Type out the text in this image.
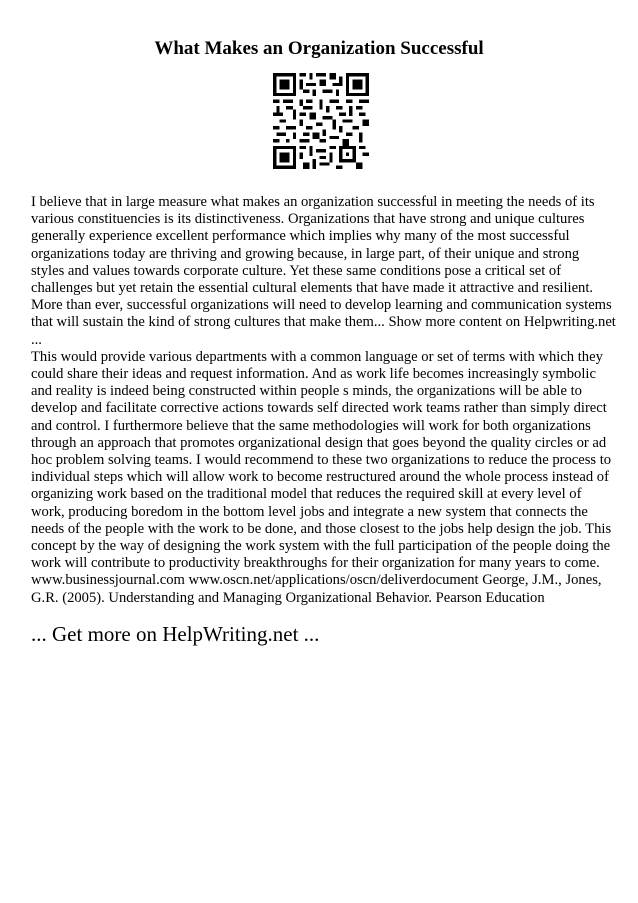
What Makes an Organization Successful

I believe that in large measure what makes an organization successful in meeting the needs of its various constituencies is its distinctiveness. Organizations that have strong and unique cultures generally experience excellent performance which implies why many of the most successful organizations today are thriving and growing because, in large part, of their unique and strong styles and values towards corporate culture. Yet these same conditions pose a critical set of challenges but yet retain the essential cultural elements that have made it attractive and resilient. More than ever, successful organizations will need to develop learning and communication systems that will sustain the kind of strong cultures that make them... Show more content on Helpwriting.net ...

This would provide various departments with a common language or set of terms with which they could share their ideas and request information. And as work life becomes increasingly symbolic and reality is indeed being constructed within people s minds, the organizations will be able to develop and facilitate corrective actions towards self directed work teams rather than simply direct and control. I furthermore believe that the same methodologies will work for both organizations through an approach that promotes organizational design that goes beyond the quality circles or ad hoc problem solving teams. I would recommend to these two organizations to reduce the process to individual steps which will allow work to become restructured around the whole process instead of organizing work based on the traditional model that reduces the required skill at every level of work, producing boredom in the bottom level jobs and integrate a new system that connects the needs of the people with the work to be done, and those closest to the jobs help design the job. This concept by the way of designing the work system with the full participation of the people doing the work will contribute to productivity breakthroughs for their organization for many years to come. www.businessjournal.com www.oscn.net/applications/oscn/deliverdocument George, J.M., Jones, G.R. (2005). Understanding and Managing Organizational Behavior. Pearson Education

... Get more on HelpWriting.net ...
